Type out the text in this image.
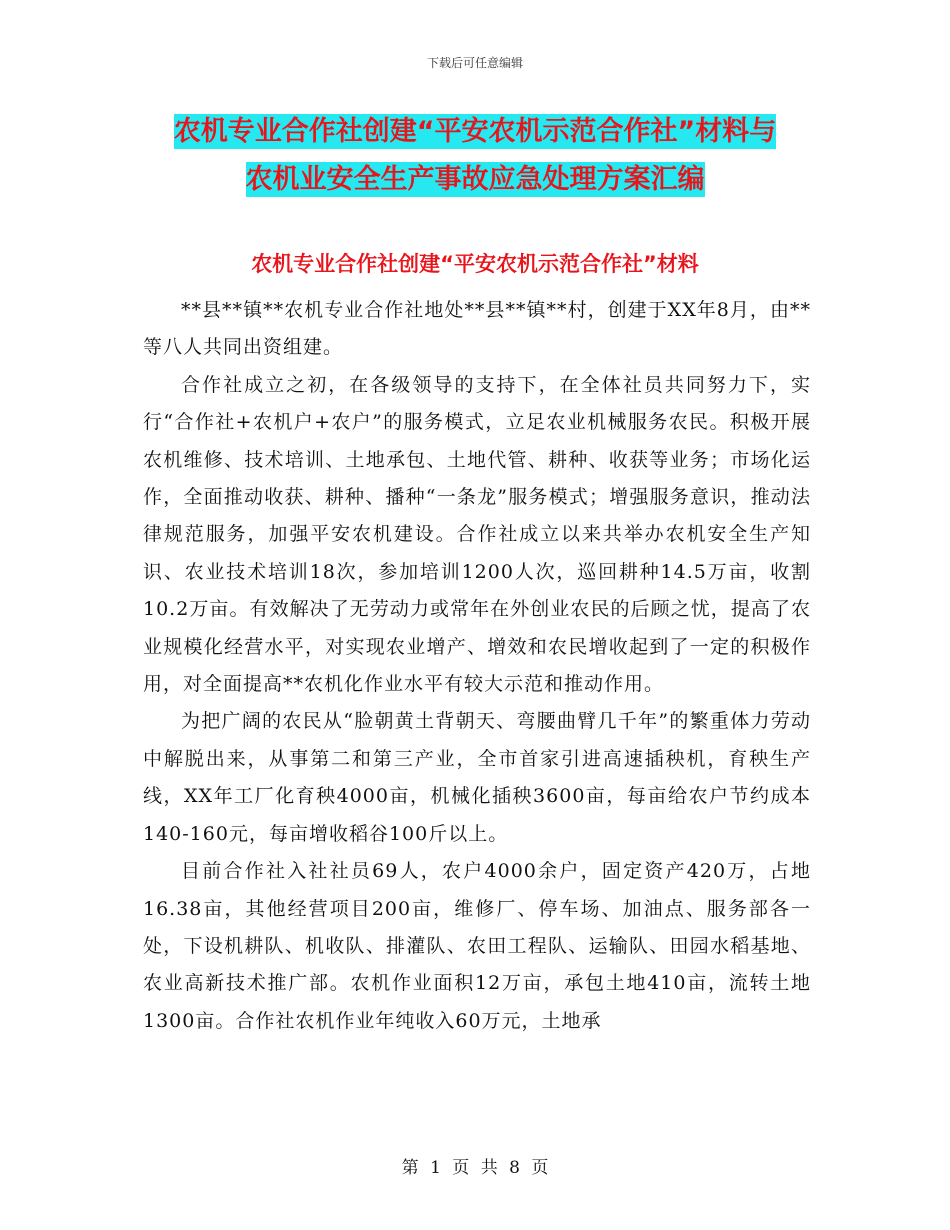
下载后可任意编辑
农机专业合作社创建“平安农机示范合作社”材料与
农机业安全生产事故应急处理方案汇编
农机专业合作社创建“平安农机示范合作社”材料

**县**镇**农机专业合作社地处**县**镇**村，创建于XX年8月，由**等八人共同出资组建。

合作社成立之初，在各级领导的支持下，在全体社员共同努力下，实行“合作社+农机户+农户”的服务模式，立足农业机械服务农民。积极开展农机维修、技术培训、土地承包、土地代管、耕种、收获等业务；市场化运作，全面推动收获、耕种、播种“一条龙”服务模式；增强服务意识，推动法律规范服务，加强平安农机建设。合作社成立以来共举办农机安全生产知识、农业技术培训18次，参加培训1200人次，巡回耕种14.5万亩，收割10.2万亩。有效解决了无劳动力或常年在外创业农民的后顾之忧，提高了农业规模化经营水平，对实现农业增产、增效和农民增收起到了一定的积极作用，对全面提高**农机化作业水平有较大示范和推动作用。

为把广阔的农民从“脸朝黄土背朝天、弯腰曲臂几千年”的繁重体力劳动中解脱出来，从事第二和第三产业，全市首家引进高速插秧机，育秧生产线，XX年工厂化育秧4000亩，机械化插秧3600亩，每亩给农户节约成本140-160元，每亩增收稻谷100斤以上。

目前合作社入社社员69人，农户4000余户，固定资产420万，占地16.38亩，其他经营项目200亩，维修厂、停车场、加油点、服务部各一处，下设机耕队、机收队、排灌队、农田工程队、运输队、田园水稻基地、农业高新技术推广部。农机作业面积12万亩，承包土地410亩，流转土地1300亩。合作社农机作业年纯收入60万元，土地承

第 1 页 共 8 页
